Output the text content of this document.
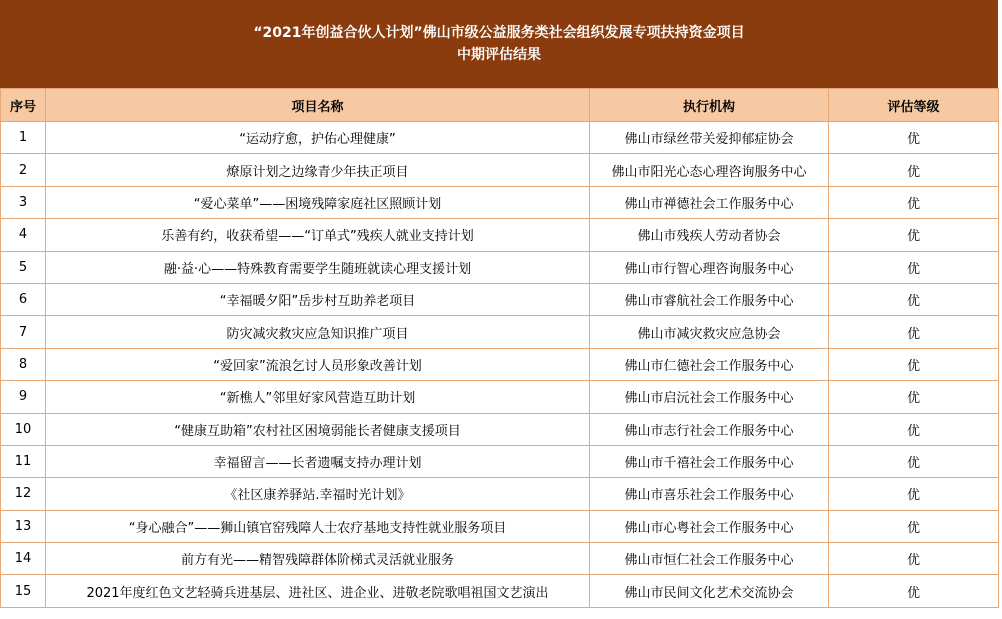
“2021年创益合伙人计划”佛山市级公益服务类社会组织发展专项扶持资金项目
中期评估结果
序号	项目名称	执行机构	评估等级
1	“运动疗愈，护佑心理健康”	佛山市绿丝带关爱抑郁症协会	优
2	燎原计划之边缘青少年扶正项目	佛山市阳光心态心理咨询服务中心	优
3	“爱心菜单”——困境残障家庭社区照顾计划	佛山市禅德社会工作服务中心	优
4	乐善有约，收获希望——“订单式”残疾人就业支持计划	佛山市残疾人劳动者协会	优
5	融·益·心——特殊教育需要学生随班就读心理支援计划	佛山市行智心理咨询服务中心	优
6	“幸福暖夕阳”岳步村互助养老项目	佛山市睿航社会工作服务中心	优
7	防灾减灾救灾应急知识推广项目	佛山市减灾救灾应急协会	优
8	“爱回家”流浪乞讨人员形象改善计划	佛山市仁德社会工作服务中心	优
9	“新樵人”邻里好家风营造互助计划	佛山市启沅社会工作服务中心	优
10	“健康互助箱”农村社区困境弱能长者健康支援项目	佛山市志行社会工作服务中心	优
11	幸福留言——长者遗嘱支持办理计划	佛山市千禧社会工作服务中心	优
12	《社区康养驿站.幸福时光计划》	佛山市喜乐社会工作服务中心	优
13	“身心融合”——狮山镇官窑残障人士农疗基地支持性就业服务项目	佛山市心粤社会工作服务中心	优
14	前方有光——精智残障群体阶梯式灵活就业服务	佛山市恒仁社会工作服务中心	优
15	2021年度红色文艺轻骑兵进基层、进社区、进企业、进敬老院歌唱祖国文艺演出	佛山市民间文化艺术交流协会	优
